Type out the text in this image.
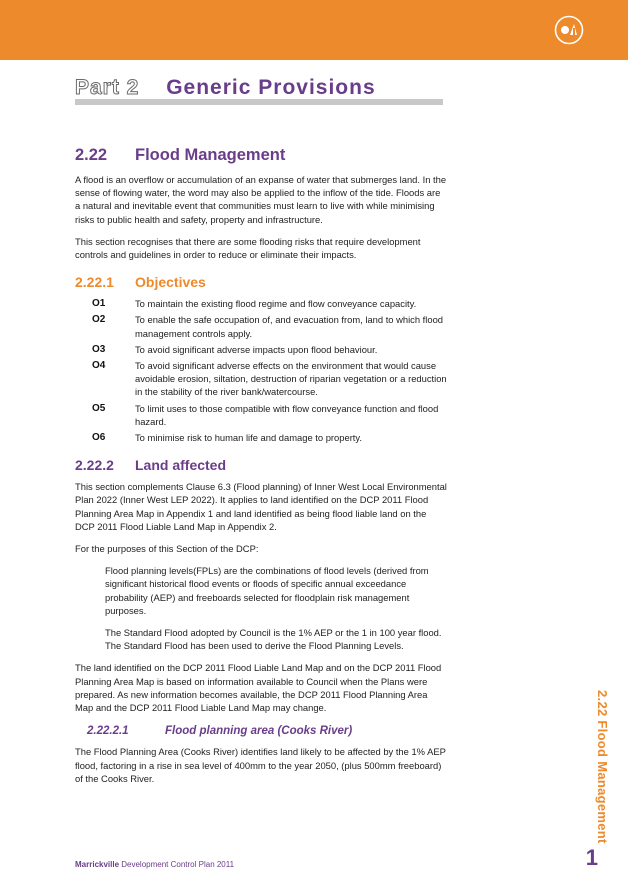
Part 2 Generic Provisions
2.22	Flood Management

A flood is an overflow or accumulation of an expanse of water that submerges land. In the sense of flowing water, the word may also be applied to the inflow of the tide. Floods are a natural and inevitable event that communities must learn to live with while minimising risks to public health and safety, property and infrastructure.

This section recognises that there are some flooding risks that require development controls and guidelines in order to reduce or eliminate their impacts.

2.22.1	Objectives
O1	To maintain the existing flood regime and flow conveyance capacity.
O2	To enable the safe occupation of, and evacuation from, land to which flood management controls apply.
O3	To avoid significant adverse impacts upon flood behaviour.
O4	To avoid significant adverse effects on the environment that would cause avoidable erosion, siltation, destruction of riparian vegetation or a reduction in the stability of the river bank/watercourse.
O5	To limit uses to those compatible with flow conveyance function and flood hazard.
O6	To minimise risk to human life and damage to property.
2.22.2	Land affected

This section complements Clause 6.3 (Flood planning) of Inner West Local Environmental Plan 2022 (Inner West LEP 2022). It applies to land identified on the DCP 2011 Flood Planning Area Map in Appendix 1 and land identified as being flood liable land on the DCP 2011 Flood Liable Land Map in Appendix 2.

For the purposes of this Section of the DCP:

Flood planning levels(FPLs) are the combinations of flood levels (derived from significant historical flood events or floods of specific annual exceedance probability (AEP) and freeboards selected for floodplain risk management purposes.

The Standard Flood adopted by Council is the 1% AEP or the 1 in 100 year flood. The Standard Flood has been used to derive the Flood Planning Levels.

The land identified on the DCP 2011 Flood Liable Land Map and on the DCP 2011 Flood Planning Area Map is based on information available to Council when the Plans were prepared. As new information becomes available, the DCP 2011 Flood Planning Area Map and the DCP 2011 Flood Liable Land Map may change.

2.22.2.1	Flood planning area (Cooks River)

The Flood Planning Area (Cooks River) identifies land likely to be affected by the 1% AEP flood, factoring in a rise in sea level of 400mm to the year 2050, (plus 500mm freeboard) of the Cooks River.	2.22 Flood Management
Marrickville Development Control Plan 2011	1
